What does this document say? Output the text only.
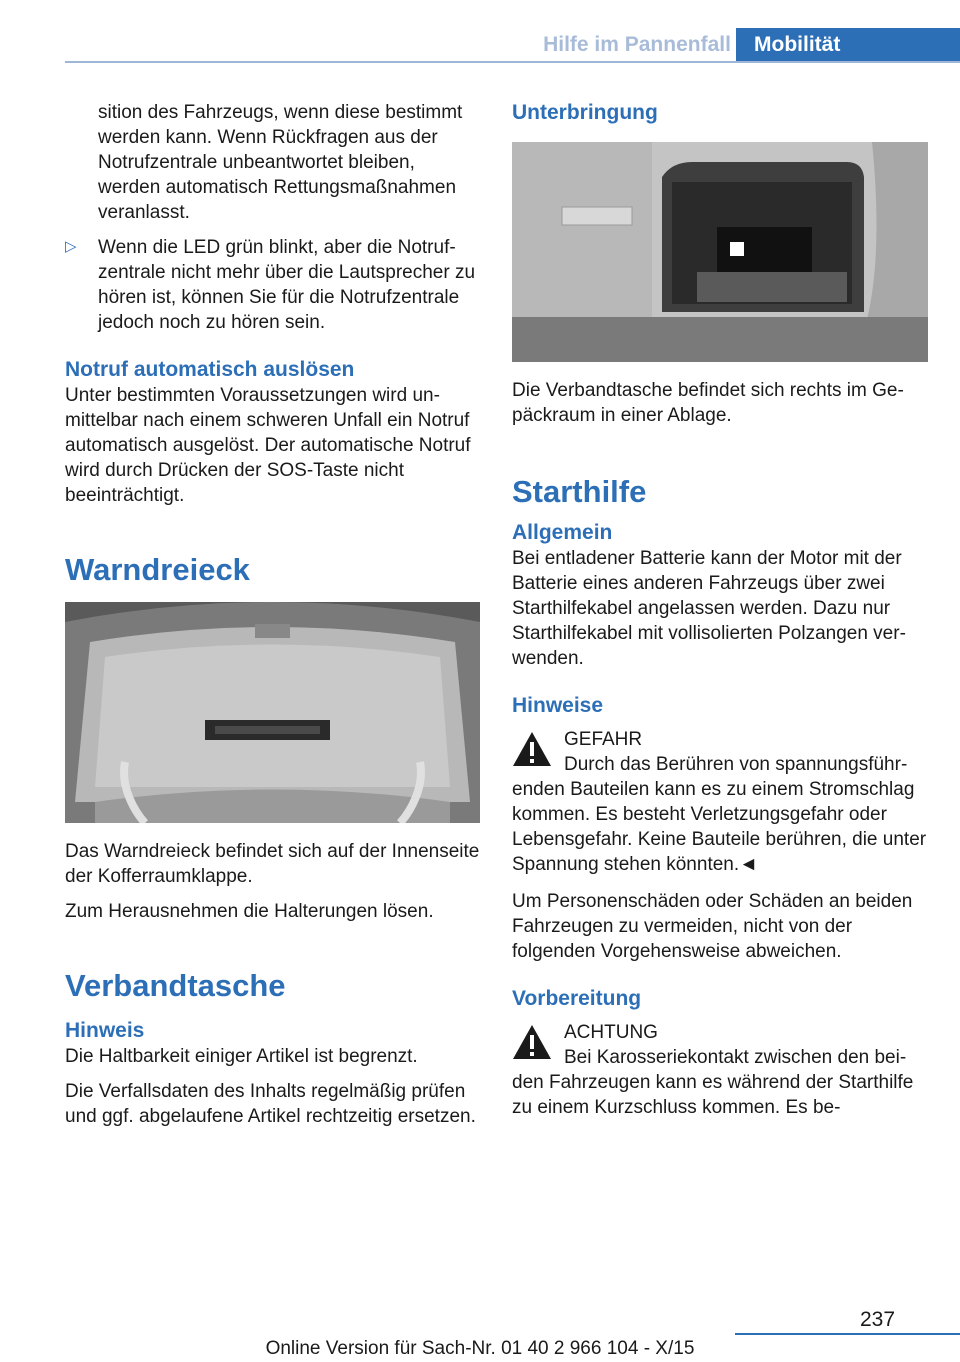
Hilfe im Pannenfall	Mobilität

sition des Fahrzeugs, wenn diese bestimmt werden kann. Wenn Rückfragen aus der Notrufzentrale unbeantwortet bleiben, werden automatisch Rettungsmaßnahmen veranlasst.

▷ Wenn die LED grün blinkt, aber die Notrufzentrale nicht mehr über die Lautsprecher zu hören ist, können Sie für die Notrufzentrale jedoch noch zu hören sein.

Notruf automatisch auslösen

Unter bestimmten Voraussetzungen wird unmittelbar nach einem schweren Unfall ein Notruf automatisch ausgelöst. Der automatische Notruf wird durch Drücken der SOS-Taste nicht beeinträchtigt.

Warndreieck

Das Warndreieck befindet sich auf der Innenseite der Kofferraumklappe.

Zum Herausnehmen die Halterungen lösen.

Verbandtasche
Hinweis

Die Haltbarkeit einiger Artikel ist begrenzt.

Die Verfallsdaten des Inhalts regelmäßig prüfen und ggf. abgelaufene Artikel rechtzeitig ersetzen.

Unterbringung

Die Verbandtasche befindet sich rechts im Gepäckraum in einer Ablage.

Starthilfe
Allgemein

Bei entladener Batterie kann der Motor mit der Batterie eines anderen Fahrzeugs über zwei Starthilfekabel angelassen werden. Dazu nur Starthilfekabel mit vollisolierten Polzangen verwenden.

Hinweise

GEFAHR

Durch das Berühren von spannungsführenden Bauteilen kann es zu einem Stromschlag kommen. Es besteht Verletzungsgefahr oder Lebensgefahr. Keine Bauteile berühren, die unter Spannung stehen könnten.◄

Um Personenschäden oder Schäden an beiden Fahrzeugen zu vermeiden, nicht von der folgenden Vorgehensweise abweichen.

Vorbereitung

ACHTUNG

Bei Karosseriekontakt zwischen den beiden Fahrzeugen kann es während der Starthilfe zu einem Kurzschluss kommen. Es be-

237
Online Version für Sach-Nr. 01 40 2 966 104 - X/15
